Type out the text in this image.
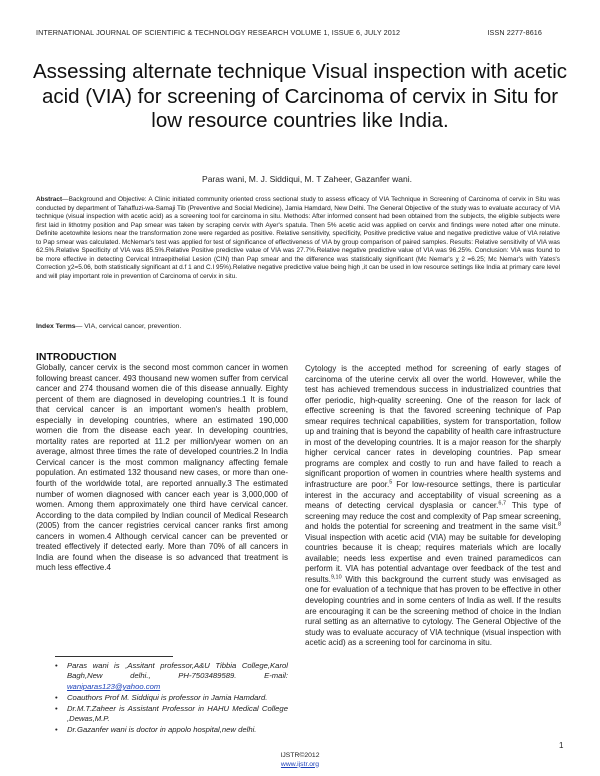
INTERNATIONAL JOURNAL OF SCIENTIFIC & TECHNOLOGY RESEARCH VOLUME 1, ISSUE 6, JULY 2012	ISSN 2277-8616
Assessing alternate technique Visual inspection with acetic acid (VIA) for screening of Carcinoma of cervix in Situ for low resource countries like India.
Paras wani, M. J. Siddiqui, M. T Zaheer, Gazanfer wani.
Abstract—Background and Objective: A Clinic initiated community oriented cross sectional study to assess efficacy of VIA Technique in Screening of Carcinoma of cervix in Situ was conducted by department of Tahaffuzi-wa-Samaji Tib (Preventive and Social Medicine), Jamia Hamdard, New Delhi. The General Objective of the study was to evaluate accuracy of VIA technique (visual inspection with acetic acid) as a screening tool for carcinoma in situ. Methods: After informed consent had been obtained from the subjects, the eligible subjects were first laid in lithotmy position and Pap smear was taken by scraping cervix with Ayer's spatula. Then 5% acetic acid was applied on cervix and findings were noted after one minute. Definite acetowhite lesions near the transformation zone were regarded as positive. Relative sensitivity, specificity, Positive predictive value and negative predictive value of VIA relative to Pap smear was calculated. McNemar's test was applied for test of significance of effectiveness of VIA by group comparison of paired samples. Results: Relative sensitivity of VIA was 62.5%.Relative Specificity of VIA was 85.5%.Relative Positive predictive value of VIA was 27.7%.Relative negative predictive value of VIA was 96.25%. Conclusion: VIA was found to be more effective in detecting Cervical Intraepithelial Lesion (CIN) than Pap smear and the difference was statistically significant (Mc Nemar's χ 2 =6.25; Mc Nemar's with Yates's Correction χ2=5.06, both statistically significant at d.f 1 and C.I 95%).Relative negative predictive value being high ,it can be used in low resource settings like India at primary care level and will play important role in prevention of Carcinoma of cervix in situ.
Index Terms— VIA, cervical cancer, prevention.
INTRODUCTION
Globally, cancer cervix is the second most common cancer in women following breast cancer. 493 thousand new women suffer from cervical cancer and 274 thousand women die of this disease annually. Eighty percent of them are diagnosed in developing countries.1 It is found that cervical cancer is an important women's health problem, especially in developing countries, where an estimated 190,000 women die from the disease each year. In developing countries, mortality rates are reported at 11.2 per million/year women on an average, almost three times the rate of developed countries.2 In India Cervical cancer is the most common malignancy affecting female population. An estimated 132 thousand new cases, or more than one-fourth of the worldwide total, are reported annually.3 The estimated number of women diagnosed with cancer each year is 3,000,000 of women. Among them approximately one third have cervical cancer. According to the data compiled by Indian council of Medical Research (2005) from the cancer registries cervical cancer ranks first among cancers in women.4 Although cervical cancer can be prevented or treated effectively if detected early. More than 70% of all cancers in India are found when the disease is so advanced that treatment is much less effective.4
Cytology is the accepted method for screening of early stages of carcinoma of the uterine cervix all over the world. However, while the test has achieved tremendous success in industrialized countries that offer periodic, high-quality screening. One of the reason for lack of effective screening is that the favored screening technique of Pap smear requires technical capabilities, system for transportation, follow up and training that is beyond the capability of health care infrastructure in most of the developing countries. It is a major reason for the sharply higher cervical cancer rates in developing countries. Pap smear programs are complex and costly to run and have failed to reach a significant proportion of women in countries where health systems and infrastructure are poor.$^5$ For low-resource settings, there is particular interest in the accuracy and acceptability of visual screening as a means of detecting cervical dysplasia or cancer.$^{6,7}$ This type of screening may reduce the cost and complexity of Pap smear screening, and holds the potential for screening and treatment in the same visit.$^8$ Visual inspection with acetic acid (VIA) may be suitable for developing countries because it is cheap; requires materials which are locally available; needs less expertise and even trained paramedicos can perform it. VIA has potential advantage over feedback of the test and results.$^{9,10}$ With this background the current study was envisaged as one for evaluation of a technique that has proven to be effective in other developing countries and in some centers of India as well. If the results are encouraging it can be the screening method of choice in the Indian rural setting as an alternative to cytology. The General Objective of the study was to evaluate accuracy of VIA technique (visual inspection with acetic acid) as a screening tool for carcinoma in situ.
• Paras wani is ,Assitant professor,A&U Tibbia College,Karol Bagh,New delhi., PH-7503489589. E-mail: waniparas123@yahoo.com
• Coauthors Prof M. Siddiqui is professor in Jamia Hamdard.
• Dr.M.T.Zaheer is Assistant Professor in HAHU Medical College ,Dewas,M.P.
• Dr.Gazanfer wani is doctor in appolo hospital,new delhi.
1
IJSTR©2012
www.ijstr.org
